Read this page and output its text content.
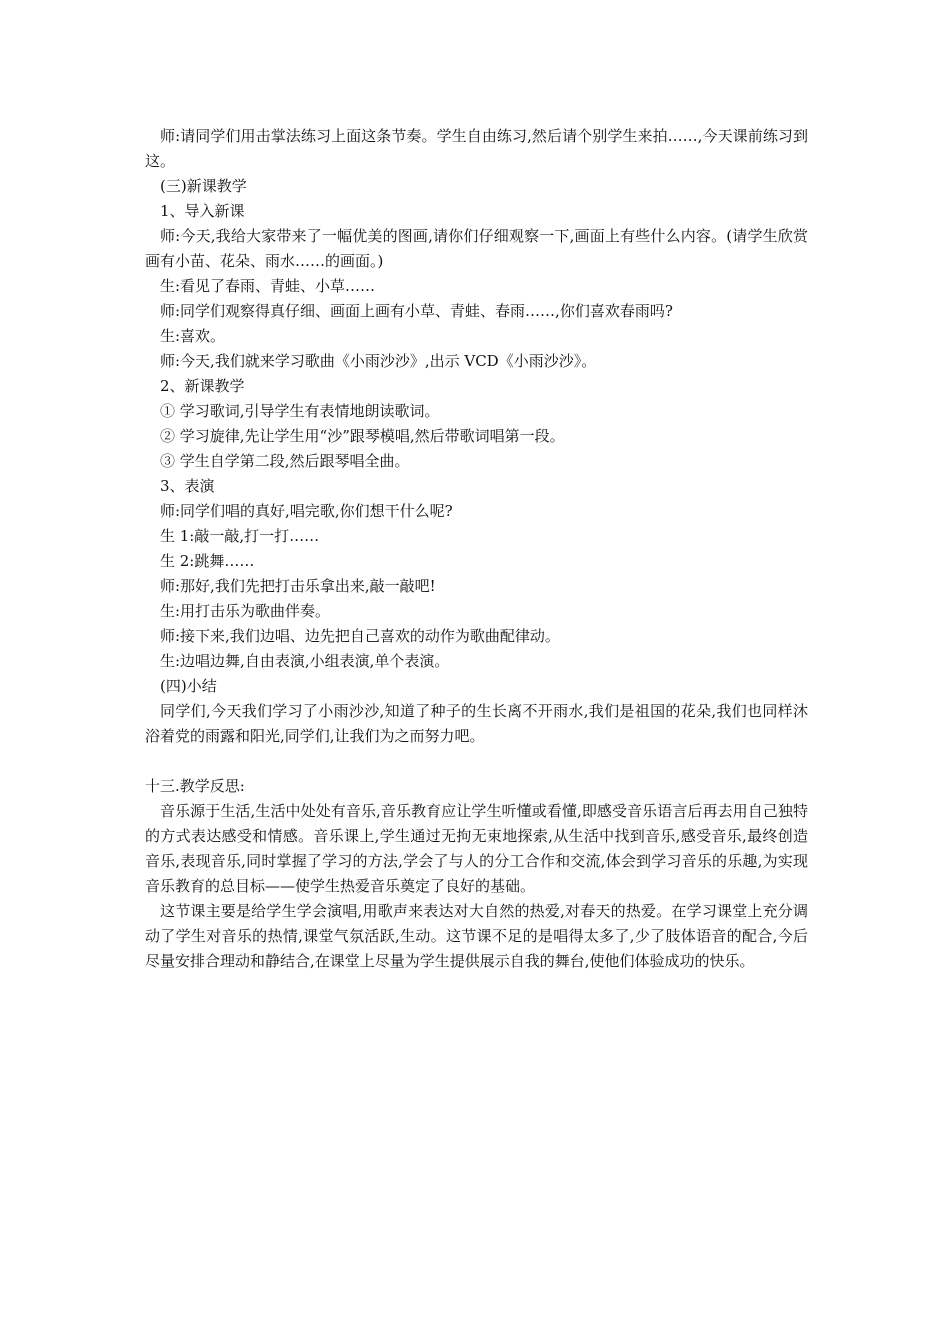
师:请同学们用击掌法练习上面这条节奏。学生自由练习,然后请个别学生来拍……,今天课前练习到这。

(三)新课教学

1、导入新课

师:今天,我给大家带来了一幅优美的图画,请你们仔细观察一下,画面上有些什么内容。(请学生欣赏画有小苗、花朵、雨水……的画面。)

生:看见了春雨、青蛙、小草……

师:同学们观察得真仔细、画面上画有小草、青蛙、春雨……,你们喜欢春雨吗?

生:喜欢。

师:今天,我们就来学习歌曲《小雨沙沙》,出示 VCD《小雨沙沙》。

2、新课教学

① 学习歌词,引导学生有表情地朗读歌词。

② 学习旋律,先让学生用“沙”跟琴模唱,然后带歌词唱第一段。

③ 学生自学第二段,然后跟琴唱全曲。

3、表演

师:同学们唱的真好,唱完歌,你们想干什么呢?

生 1:敲一敲,打一打……

生 2:跳舞……

师:那好,我们先把打击乐拿出来,敲一敲吧!

生:用打击乐为歌曲伴奏。

师:接下来,我们边唱、边先把自己喜欢的动作为歌曲配律动。

生:边唱边舞,自由表演,小组表演,单个表演。

(四)小结

同学们,今天我们学习了小雨沙沙,知道了种子的生长离不开雨水,我们是祖国的花朵,我们也同样沐浴着党的雨露和阳光,同学们,让我们为之而努力吧。

十三.教学反思:

音乐源于生活,生活中处处有音乐,音乐教育应让学生听懂或看懂,即感受音乐语言后再去用自己独特的方式表达感受和情感。音乐课上,学生通过无拘无束地探索,从生活中找到音乐,感受音乐,最终创造音乐,表现音乐,同时掌握了学习的方法,学会了与人的分工合作和交流,体会到学习音乐的乐趣,为实现音乐教育的总目标——使学生热爱音乐奠定了良好的基础。

这节课主要是给学生学会演唱,用歌声来表达对大自然的热爱,对春天的热爱。在学习课堂上充分调动了学生对音乐的热情,课堂气氛活跃,生动。这节课不足的是唱得太多了,少了肢体语音的配合,今后尽量安排合理动和静结合,在课堂上尽量为学生提供展示自我的舞台,使他们体验成功的快乐。
